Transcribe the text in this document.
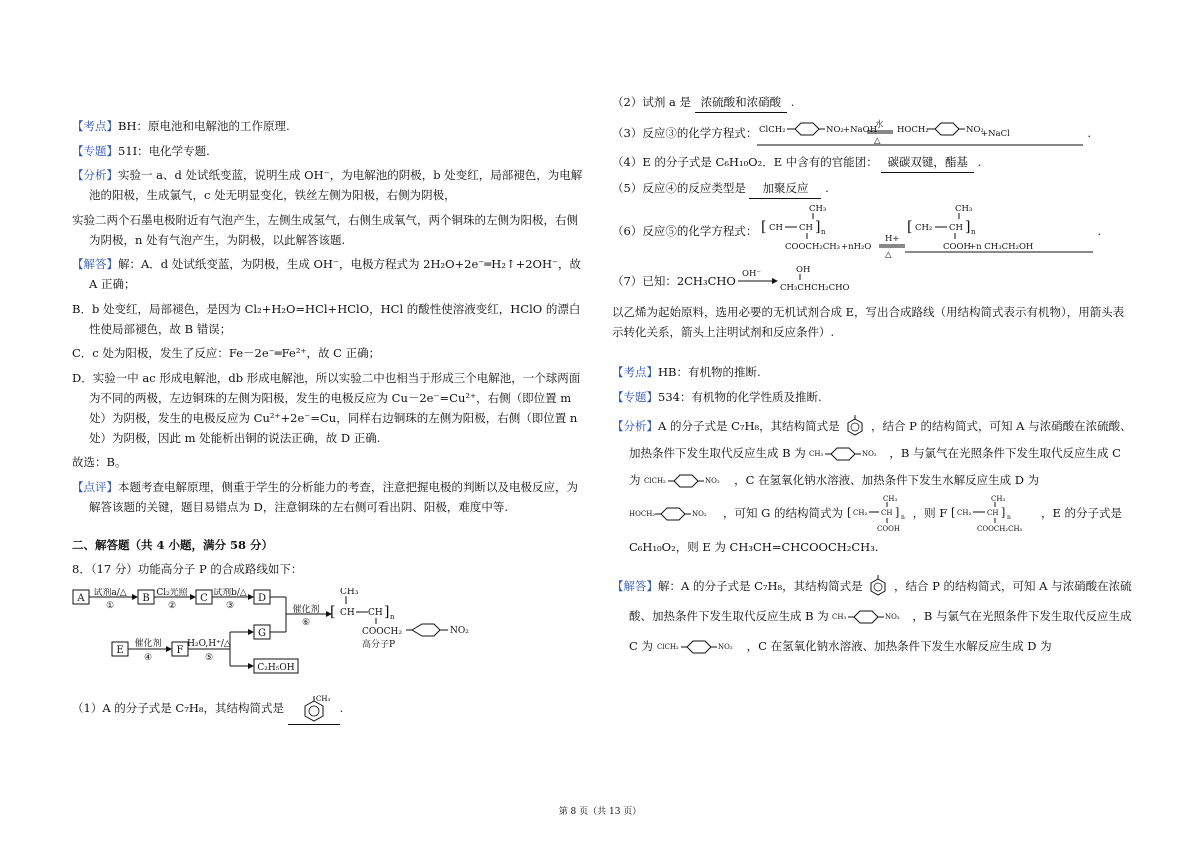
【考点】BH：原电池和电解池的工作原理.

【专题】51I：电化学专题.

【分析】实验一 a、d 处试纸变蓝，说明生成 OH⁻，为电解池的阴极，b 处变红，局部褪色，为电解池的阳极，生成氯气，c 处无明显变化，铁丝左侧为阳极，右侧为阴极，

实验二两个石墨电极附近有气泡产生，左侧生成氢气，右侧生成氧气，两个铜珠的左侧为阳极，右侧为阴极，n 处有气泡产生，为阴极，以此解答该题.

【解答】解：A．d 处试纸变蓝，为阴极，生成 OH⁻，电极方程式为 2H₂O+2e⁻═H₂↑+2OH⁻，故 A 正确；

B．b 处变红，局部褪色，是因为 Cl₂+H₂O=HCl+HClO，HCl 的酸性使溶液变红，HClO 的漂白性使局部褪色，故 B 错误；

C．c 处为阳极，发生了反应：Fe－2e⁻═Fe²⁺，故 C 正确；

D．实验一中 ac 形成电解池，db 形成电解池，所以实验二中也相当于形成三个电解池，一个球两面为不同的两极，左边铜珠的左侧为阳极，发生的电极反应为 Cu－2e⁻=Cu²⁺，右侧（即位置 m 处）为阴极，发生的电极反应为 Cu²⁺+2e⁻=Cu，同样右边铜珠的左侧为阳极，右侧（即位置 n 处）为阴极，因此 m 处能析出铜的说法正确，故 D 正确.

故选：B。

【点评】本题考查电解原理，侧重于学生的分析能力的考查，注意把握电极的判断以及电极反应，为解答该题的关键，题目易错点为 D，注意铜珠的左右侧可看出阴、阳极，难度中等.

二、解答题（共 4 小题，满分 58 分）

8．（17 分）功能高分子 P 的合成路线如下：

A 试剂a/△
①
B Cl₂光照
②
C 试剂b/△
③
D
催化剂
⑥
CH₃
[ CH CH ] n
COOCH₂	NO₂
高分子P
E
催化剂
④
F
H₂O,H⁺/△
⑤
G
C₂H₅OH

（1）A 的分子式是 C₇H₈，其结构简式是
CH₃
.

（2）试剂 a 是 浓硫酸和浓硝酸 .

（3）反应③的化学方程式： ClCH₂	NO₂ +NaOH
水
△
HOCH₂	NO₂
+NaCl	.

（4）E 的分子式是 C₆H₁₀O₂．E 中含有的官能团： 碳碳双键，酯基 .

（5）反应④的反应类型是 加聚反应 .

（6）反应⑤的化学方程式：
CH₃
[ CH CH ] n
COOCH₂CH₃ +nH₂O
H+
△
CH₃
[ CH₂ CH ] n
COOH
+n CH₃CH₂OH
.

（7）已知：2CH₃CHO OH⁻	OH
CH₃CHCH₂CHO

以乙烯为起始原料，选用必要的无机试剂合成 E，写出合成路线（用结构简式表示有机物），用箭头表示转化关系，箭头上注明试剂和反应条件）.

【考点】HB：有机物的推断.

【专题】534：有机物的化学性质及推断.

【分析】A 的分子式是 C₇H₈，其结构简式是	，结合 P 的结构简式，可知 A 与浓硝酸在浓硫酸、加热条件下发生取代反应生成 B 为 CH₃	NO₂ ，B 与氯气在光照条件下发生取代反应生成 C 为 ClCH₂	NO₂ ，C 在氢氧化钠水溶液、加热条件下发生水解反应生成 D 为
HOCH₂	NO₂ ，可知 G 的结构简式为
CH₃
[ CH₂ CH ] n
COOH
，则 F
CH₃
[ CH₂ CH ] n
COOCH₂CH₃
，E 的分子式是 C₆H₁₀O₂，则 E 为 CH₃CH=CHCOOCH₂CH₃.
【解答】解：A 的分子式是 C₇H₈，其结构简式是	，结合 P 的结构简式，可知 A 与浓硝酸在浓硫酸、加热条件下发生取代反应生成 B 为 CH₃	NO₂ ，B 与氯气在光照条件下发生取代反应生成 C 为 ClCH₂	NO₂ ，C 在氢氧化钠水溶液、加热条件下发生水解反应生成 D 为
第 8 页（共 13 页）
